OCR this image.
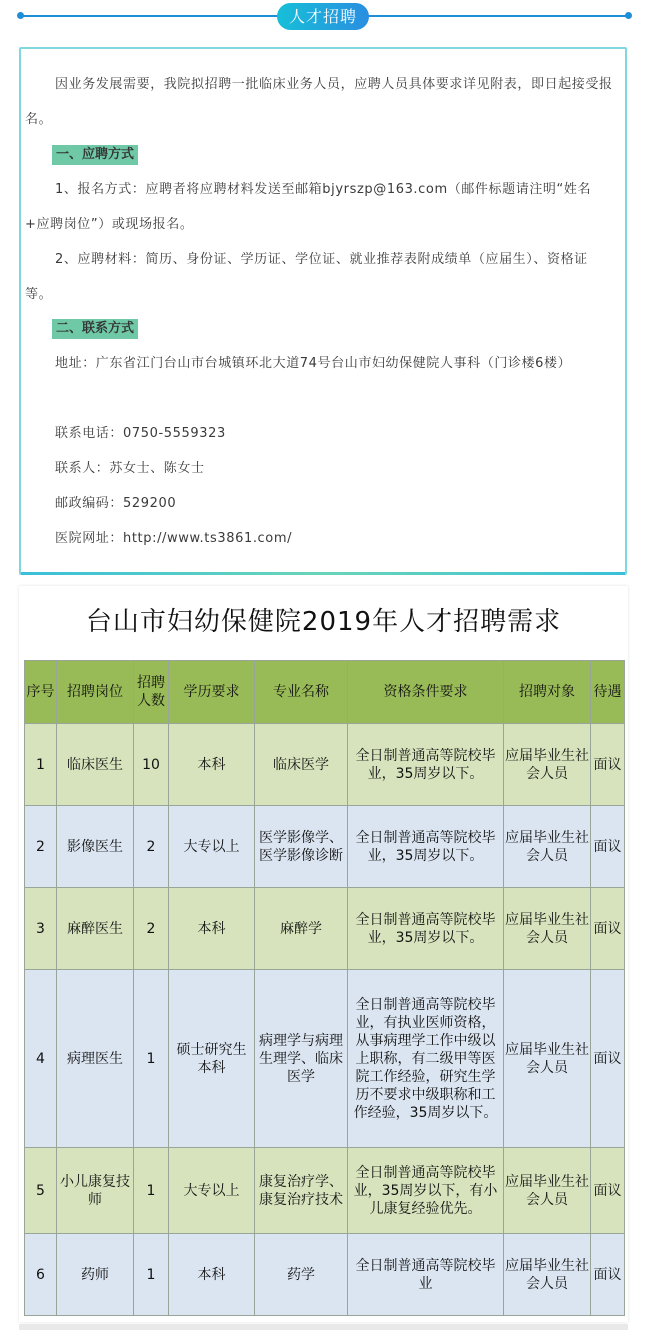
人才招聘
因业务发展需要，我院拟招聘一批临床业务人员，应聘人员具体要求详见附表，即日起接受报名。
一、应聘方式
1、报名方式：应聘者将应聘材料发送至邮箱bjyrszp@163.com（邮件标题请注明“姓名+应聘岗位”）或现场报名。
2、应聘材料：简历、身份证、学历证、学位证、就业推荐表附成绩单（应届生）、资格证等。
二、联系方式
地址：广东省江门台山市台城镇环北大道74号台山市妇幼保健院人事科（门诊楼6楼）
联系电话：0750-5559323
联系人：苏女士、陈女士
邮政编码：529200
医院网址：http://www.ts3861.com/
台山市妇幼保健院2019年人才招聘需求
序号	招聘岗位	招聘人数	学历要求	专业名称	资格条件要求	招聘对象	待遇
1	临床医生	10	本科	临床医学	全日制普通高等院校毕业，35周岁以下。	应届毕业生社会人员	面议
2	影像医生	2	大专以上	医学影像学、医学影像诊断	全日制普通高等院校毕业，35周岁以下。	应届毕业生社会人员	面议
3	麻醉医生	2	本科	麻醉学	全日制普通高等院校毕业，35周岁以下。	应届毕业生社会人员	面议
4	病理医生	1	硕士研究生本科	病理学与病理生理学、临床医学	全日制普通高等院校毕业，有执业医师资格，从事病理学工作中级以上职称，有二级甲等医院工作经验，研究生学历不要求中级职称和工作经验，35周岁以下。	应届毕业生社会人员	面议
5	小儿康复技师	1	大专以上	康复治疗学、康复治疗技术	全日制普通高等院校毕业，35周岁以下，有小儿康复经验优先。	应届毕业生社会人员	面议
6	药师	1	本科	药学	全日制普通高等院校毕业	应届毕业生社会人员	面议
